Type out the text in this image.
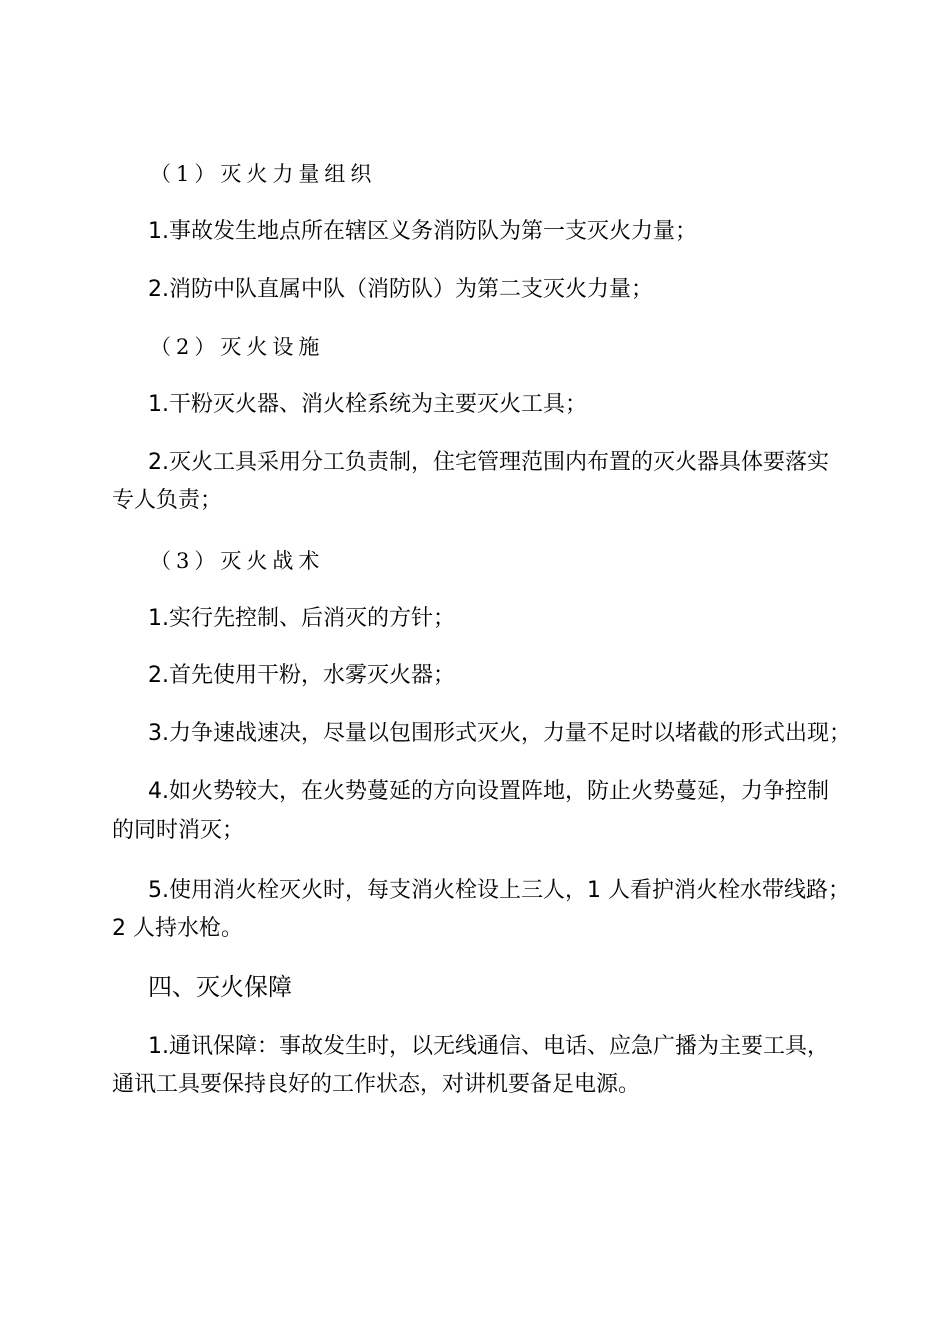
（1）灭火力量组织
1.事故发生地点所在辖区义务消防队为第一支灭火力量；
2.消防中队直属中队（消防队）为第二支灭火力量；
（2）灭火设施
1.干粉灭火器、消火栓系统为主要灭火工具；
2.灭火工具采用分工负责制，住宅管理范围内布置的灭火器具体要落实
专人负责；
（3）灭火战术
1.实行先控制、后消灭的方针；
2.首先使用干粉，水雾灭火器；
3.力争速战速决，尽量以包围形式灭火，力量不足时以堵截的形式出现；
4.如火势较大，在火势蔓延的方向设置阵地，防止火势蔓延，力争控制
的同时消灭；
5.使用消火栓灭火时，每支消火栓设上三人，1 人看护消火栓水带线路；
2 人持水枪。
四、灭火保障
1.通讯保障：事故发生时，以无线通信、电话、应急广播为主要工具，
通讯工具要保持良好的工作状态，对讲机要备足电源。
